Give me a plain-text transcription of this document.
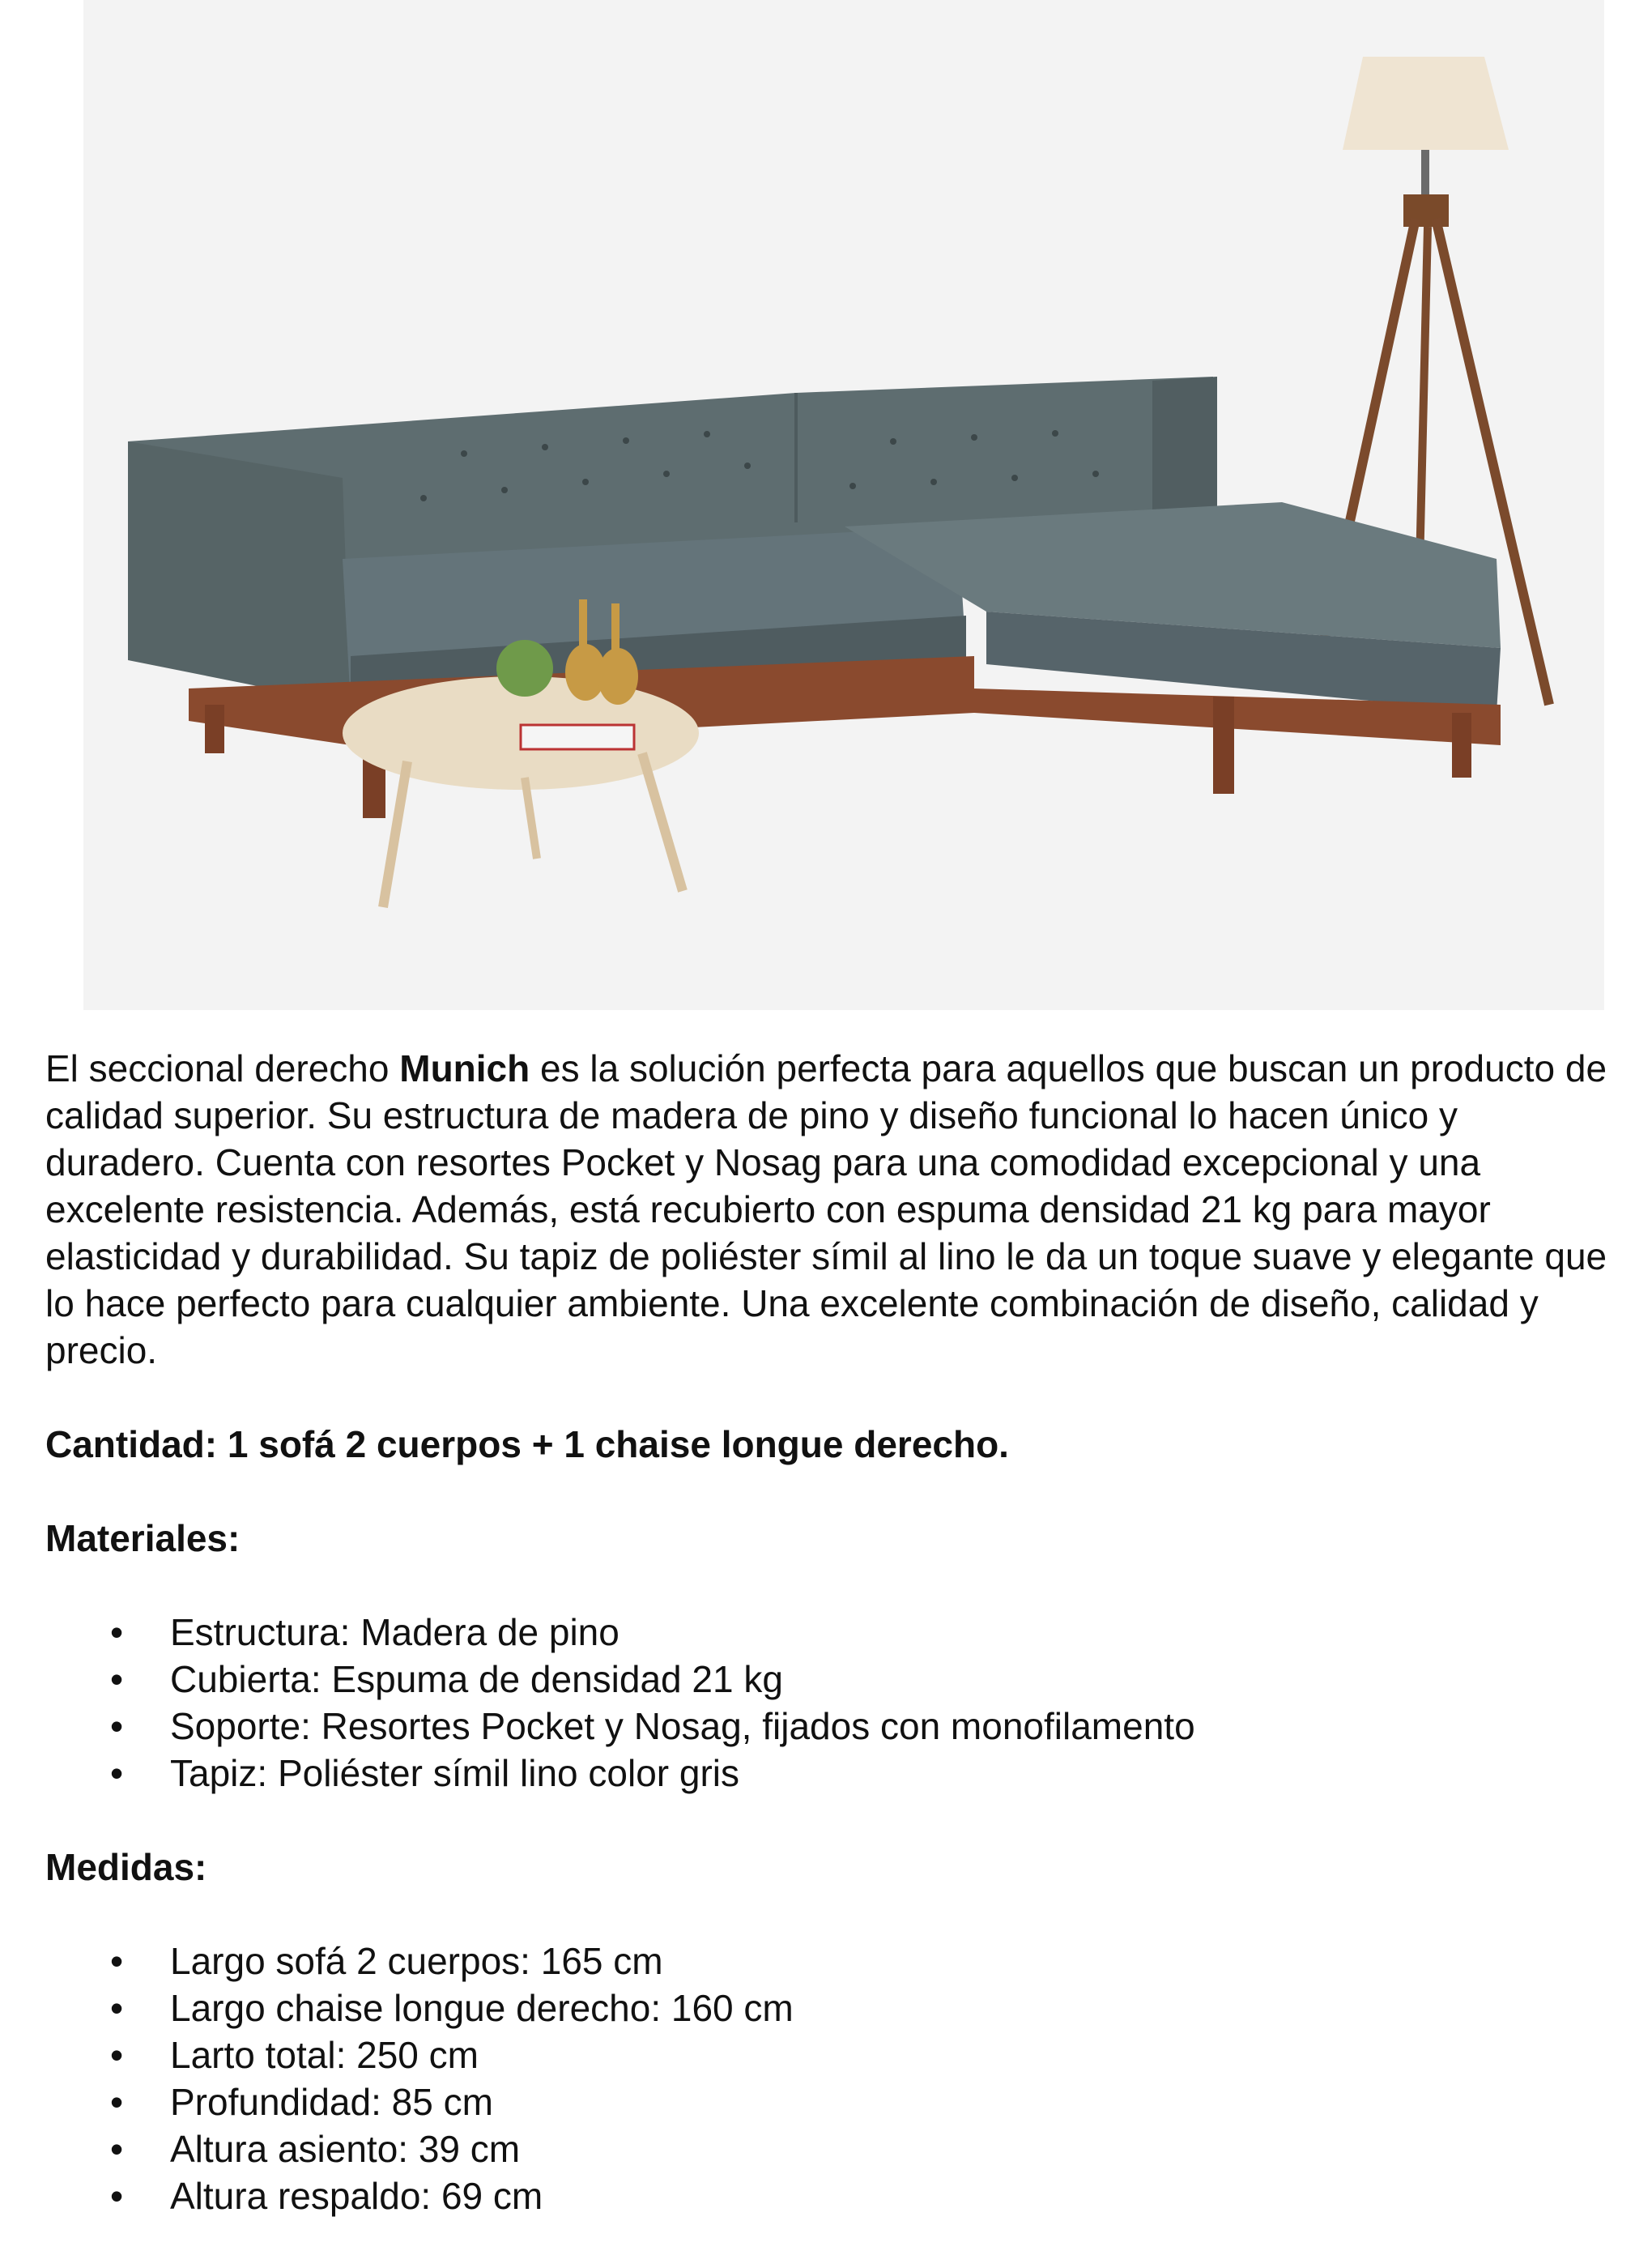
El seccional derecho Munich es la solución perfecta para aquellos que buscan un producto de calidad superior. Su estructura de madera de pino y diseño funcional lo hacen único y duradero. Cuenta con resortes Pocket y Nosag para una comodidad excepcional y una excelente resistencia. Además, está recubierto con espuma densidad 21 kg para mayor elasticidad y durabilidad. Su tapiz de poliéster símil al lino le da un toque suave y elegante que lo hace perfecto para cualquier ambiente. Una excelente combinación de diseño, calidad y precio.

Cantidad: 1 sofá 2 cuerpos + 1 chaise longue derecho.

Materiales:

• Estructura: Madera de pino
• Cubierta: Espuma de densidad 21 kg
• Soporte: Resortes Pocket y Nosag, fijados con monofilamento
• Tapiz: Poliéster símil lino color gris

Medidas:

• Largo sofá 2 cuerpos: 165 cm
• Largo chaise longue derecho: 160 cm
• Larto total: 250 cm
• Profundidad: 85 cm
• Altura asiento: 39 cm
• Altura respaldo: 69 cm
